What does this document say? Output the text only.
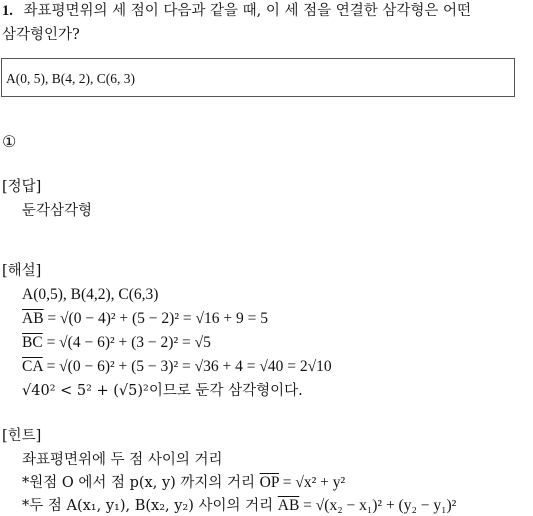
1. 좌표평면위의 세 점이 다음과 같을 때, 이 세 점을 연결한 삼각형은 어떤
삼각형인가?
A(0, 5), B(4, 2), C(6, 3)
①
[정답]
둔각삼각형
[해설]
A(0,5), B(4,2), C(6,3)
$\overline{AB} = √(0 - 4)^2 + (5 - 2)^2 = √16 + 9 = 5$
$\overline{BC} = √(4 - 6)^2 + (3 - 2)^2 = √5$
$\overline{CA} = √(0 - 6)^2 + (5 - 3)^2 = √36 + 4 = √40 = 2√10$
√40² < 5² + (√5)²이므로 둔각 삼각형이다.
[힌트]
좌표평면위에 두 점 사이의 거리
*원점 O 에서 점 p(x, y) 까지의 거리 $\overline{OP} = √x^2 + y^2$
*두 점 A(x₁, y₁), B(x₂, y₂) 사이의 거리 $\overline{AB} = √(x_2 - x_1)^2 + (y_2 - y_1)^2$
